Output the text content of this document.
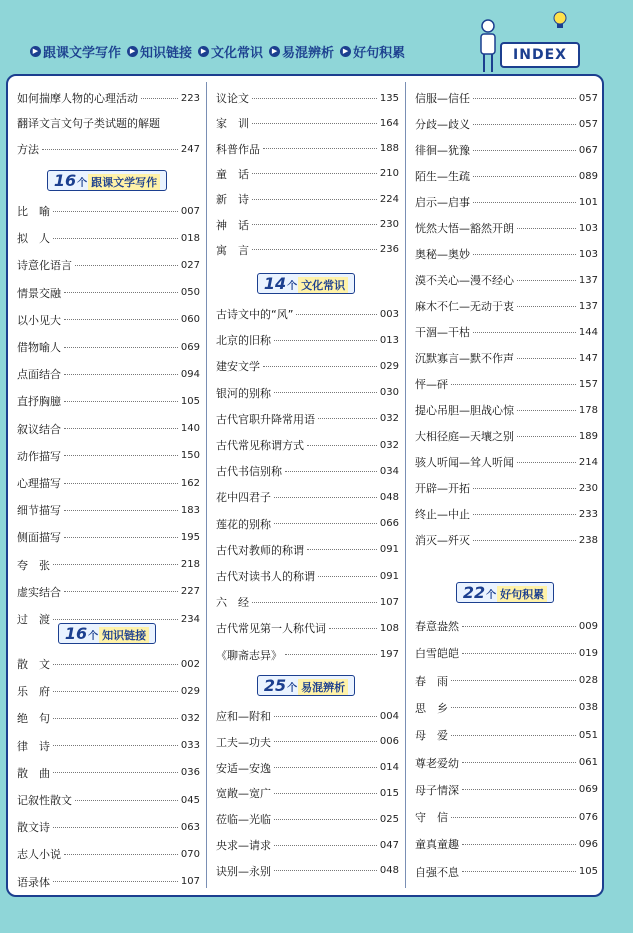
▶ 跟课文学写作	▶ 知识链接	▶ 文化常识	▶ 易混辨析	▶ 好句积累	INDEX
如何揣摩人物的心理活动	223
翻译文言文句子类试题的解题
方法	247
16 个 跟课文学写作
比　喻	007
拟　人	018
诗意化语言	027
情景交融	050
以小见大	060
借物喻人	069
点面结合	094
直抒胸臆	105
叙议结合	140
动作描写	150
心理描写	162
细节描写	183
侧面描写	195
夸　张	218
虚实结合	227
过　渡	234
16 个 知识链接
散　文	002
乐　府	029
绝　句	032
律　诗	033
散　曲	036
记叙性散文	045
散文诗	063
志人小说	070
语录体	107
议论文	135
家　训	164
科普作品	188
童　话	210
新　诗	224
神　话	230
寓　言	236
14 个 文化常识
古诗文中的“风”	003
北京的旧称	013
建安文学	029
银河的别称	030
古代官职升降常用语	032
古代常见称谓方式	032
古代书信别称	034
花中四君子	048
莲花的别称	066
古代对教师的称谓	091
古代对读书人的称谓	091
六　经	107
古代常见第一人称代词	108
《聊斋志异》	197
25 个 易混辨析
应和—附和	004
工夫—功夫	006
安适—安逸	014
宽敞—宽广	015
莅临—光临	025
央求—请求	047
诀别—永别	048
信服—信任	057
分歧—歧义	057
徘徊—犹豫	067
陌生—生疏	089
启示—启事	101
恍然大悟—豁然开朗	103
奥秘—奥妙	103
漠不关心—漫不经心	137
麻木不仁—无动于衷	137
干涸—干枯	144
沉默寡言—默不作声	147
怦—砰	157
提心吊胆—胆战心惊	178
大相径庭—天壤之别	189
骇人听闻—耸人听闻	214
开辟—开拓	230
终止—中止	233
消灭—歼灭	238
22 个 好句积累
春意盎然	009
白雪皑皑	019
春　雨	028
思　乡	038
母　爱	051
尊老爱幼	061
母子情深	069
守　信	076
童真童趣	096
自强不息	105
